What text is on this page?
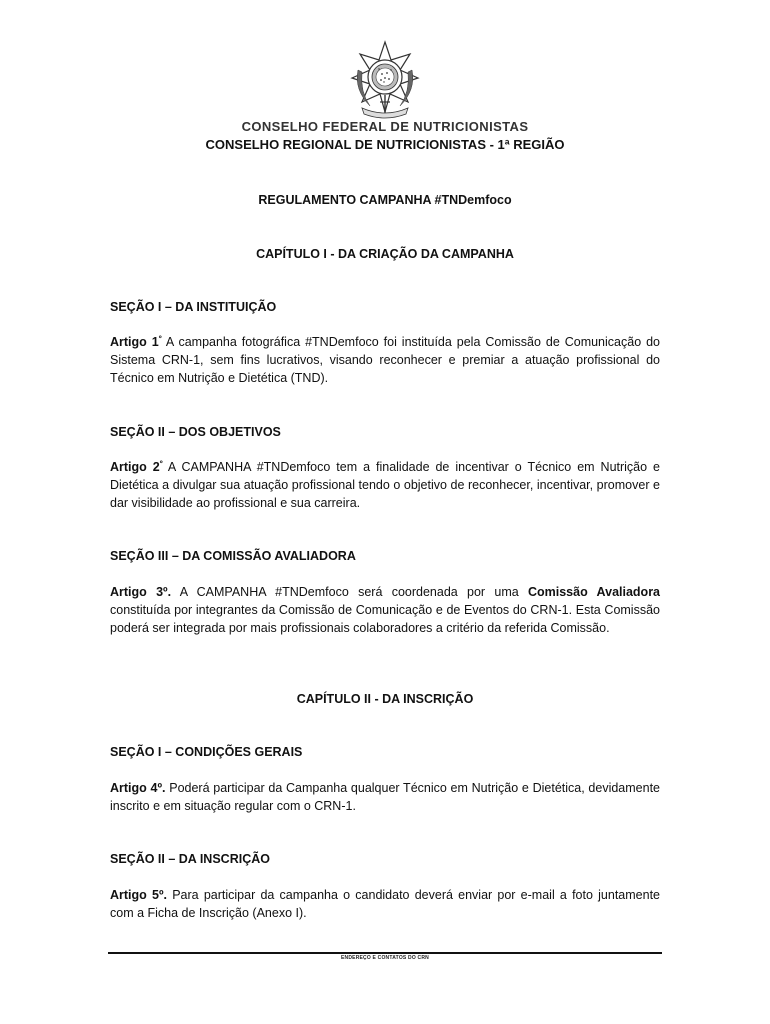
CONSELHO FEDERAL DE NUTRICIONISTAS
CONSELHO REGIONAL DE NUTRICIONISTAS - 1ª REGIÃO
REGULAMENTO CAMPANHA #TNDemfoco
CAPÍTULO I - DA CRIAÇÃO DA CAMPANHA
SEÇÃO I – DA INSTITUIÇÃO
Artigo $1^º$ A campanha fotográfica #TNDemfoco foi instituída pela Comissão de Comunicação do Sistema CRN-1, sem fins lucrativos, visando reconhecer e premiar a atuação profissional do Técnico em Nutrição e Dietética (TND).
SEÇÃO II – DOS OBJETIVOS
Artigo $2^º$ A CAMPANHA #TNDemfoco tem a finalidade de incentivar o Técnico em Nutrição e Dietética a divulgar sua atuação profissional tendo o objetivo de reconhecer, incentivar, promover e dar visibilidade ao profissional e sua carreira.
SEÇÃO III – DA COMISSÃO AVALIADORA
Artigo 3º. A CAMPANHA #TNDemfoco será coordenada por uma Comissão Avaliadora constituída por integrantes da Comissão de Comunicação e de Eventos do CRN-1. Esta Comissão poderá ser integrada por mais profissionais colaboradores a critério da referida Comissão.
CAPÍTULO II - DA INSCRIÇÃO
SEÇÃO I – CONDIÇÕES GERAIS
Artigo 4º. Poderá participar da Campanha qualquer Técnico em Nutrição e Dietética, devidamente inscrito e em situação regular com o CRN-1.
SEÇÃO II – DA INSCRIÇÃO
Artigo 5º. Para participar da campanha o candidato deverá enviar por e-mail a foto juntamente com a Ficha de Inscrição (Anexo I).
ENDEREÇO E CONTATOS DO CRN
